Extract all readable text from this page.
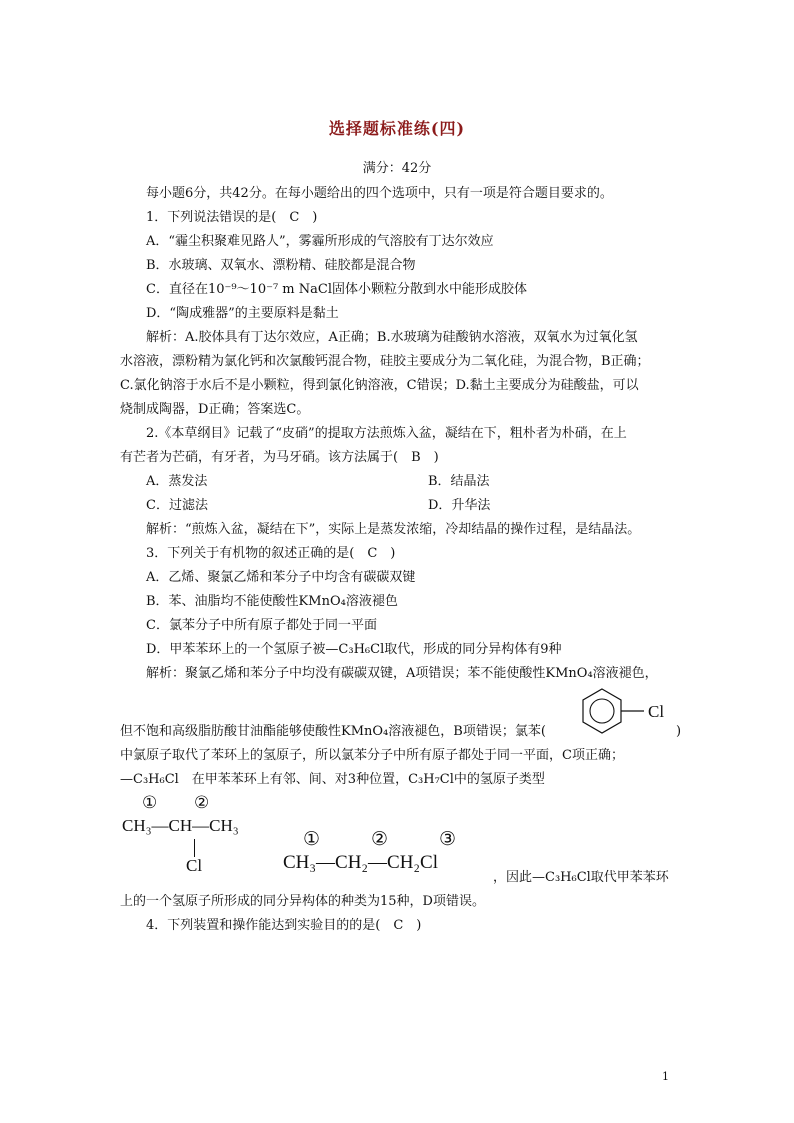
选择题标准练(四)
满分：42分
每小题6分，共42分。在每小题给出的四个选项中，只有一项是符合题目要求的。
1．下列说法错误的是(　C　)
A．“霾尘积聚难见路人”，雾霾所形成的气溶胶有丁达尔效应
B．水玻璃、双氧水、漂粉精、硅胶都是混合物
C．直径在10⁻⁹～10⁻⁷ m NaCl固体小颗粒分散到水中能形成胶体
D．“陶成雅器”的主要原料是黏土
解析：A.胶体具有丁达尔效应，A正确；B.水玻璃为硅酸钠水溶液，双氧水为过氧化氢
水溶液，漂粉精为氯化钙和次氯酸钙混合物，硅胶主要成分为二氧化硅，为混合物，B正确；
C.氯化钠溶于水后不是小颗粒，得到氯化钠溶液，C错误；D.黏土主要成分为硅酸盐，可以
烧制成陶器，D正确；答案选C。
2.《本草纲目》记载了“皮硝”的提取方法煎炼入盆，凝结在下，粗朴者为朴硝，在上
有芒者为芒硝，有牙者，为马牙硝。该方法属于(　B　)
A．蒸发法	B．结晶法
C．过滤法	D．升华法
解析：“煎炼入盆，凝结在下”，实际上是蒸发浓缩，冷却结晶的操作过程，是结晶法。
3．下列关于有机物的叙述正确的是(　C　)
A．乙烯、聚氯乙烯和苯分子中均含有碳碳双键
B．苯、油脂均不能使酸性KMnO₄溶液褪色
C．氯苯分子中所有原子都处于同一平面
D．甲苯苯环上的一个氢原子被—C₃H₆Cl取代，形成的同分异构体有9种
解析：聚氯乙烯和苯分子中均没有碳碳双键，A项错误；苯不能使酸性KMnO₄溶液褪色，
但不饱和高级脂肪酸甘油酯能够使酸性KMnO₄溶液褪色，B项错误；氯苯(
Cl
)
中氯原子取代了苯环上的氢原子，所以氯苯分子中所有原子都处于同一平面，C项正确；
—C₃H₆Cl　在甲苯苯环上有邻、间、对3种位置，C₃H₇Cl中的氢原子类型
① ②
CH₃—CH—CH₃
Cl
①	②	③
CH₃—CH₂—CH₂Cl
，因此—C₃H₆Cl取代甲苯苯环
上的一个氢原子所形成的同分异构体的种类为15种，D项错误。
4．下列装置和操作能达到实验目的的是(　C　)
1
